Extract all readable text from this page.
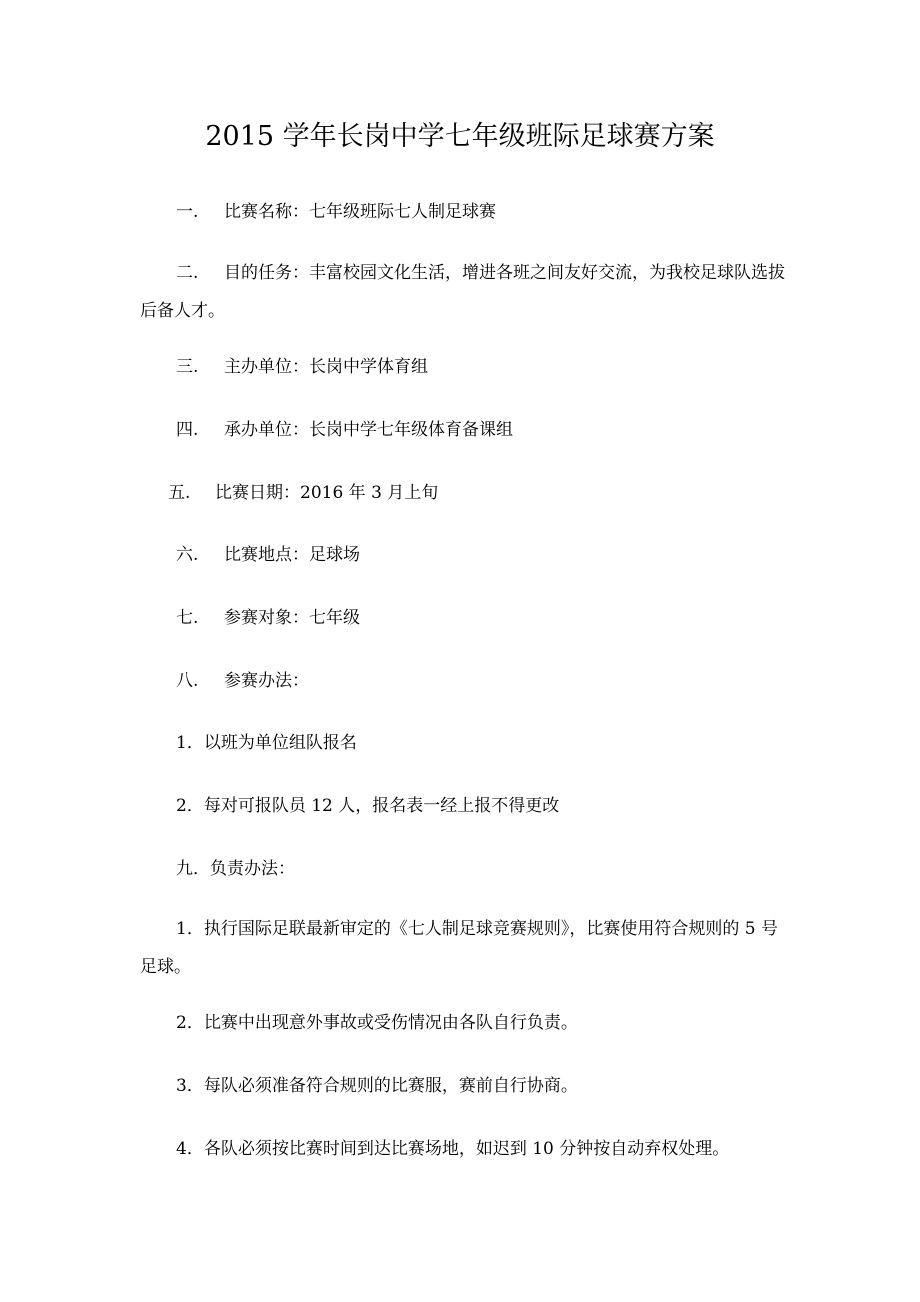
2015 学年长岗中学七年级班际足球赛方案
一. 比赛名称：七年级班际七人制足球赛
二. 目的任务：丰富校园文化生活，增进各班之间友好交流，为我校足球队选拔后备人才。
三. 主办单位：长岗中学体育组
四. 承办单位：长岗中学七年级体育备课组
五. 比赛日期：2016 年 3 月上旬
六. 比赛地点：足球场
七. 参赛对象：七年级
八. 参赛办法：
1．以班为单位组队报名
2．每对可报队员 12 人，报名表一经上报不得更改
九．负责办法：
1．执行国际足联最新审定的《七人制足球竞赛规则》，比赛使用符合规则的 5 号足球。
2．比赛中出现意外事故或受伤情况由各队自行负责。
3．每队必须准备符合规则的比赛服，赛前自行协商。
4．各队必须按比赛时间到达比赛场地，如迟到 10 分钟按自动弃权处理。
